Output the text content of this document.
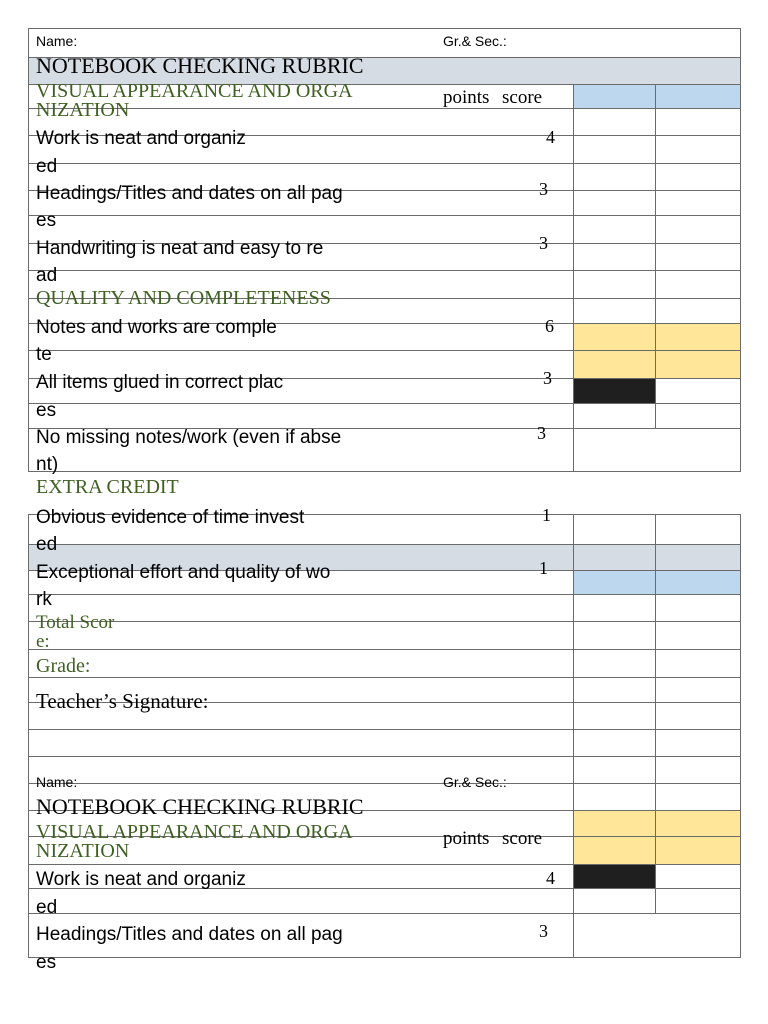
Name:	Gr.& Sec.:
NOTEBOOK CHECKING RUBRIC
VISUAL APPEARANCE AND ORGA
NIZATION
points score
Work is neat and organiz
ed
4
Headings/Titles and dates on all pag
es
3
Handwriting is neat and easy to re
ad
3
QUALITY AND COMPLETENESS
Notes and works are comple
te
6
All items glued in correct plac
es
3
No missing notes/work (even if abse
nt)
3
EXTRA CREDIT
Obvious evidence of time invest
ed
1
Exceptional effort and quality of wo
rk
1
Total Scor
e:
Grade:
Teacher’s Signature:
Name:	Gr.& Sec.:
NOTEBOOK CHECKING RUBRIC
VISUAL APPEARANCE AND ORGA
NIZATION
points score
Work is neat and organiz
ed
4
Headings/Titles and dates on all pag
es
3
